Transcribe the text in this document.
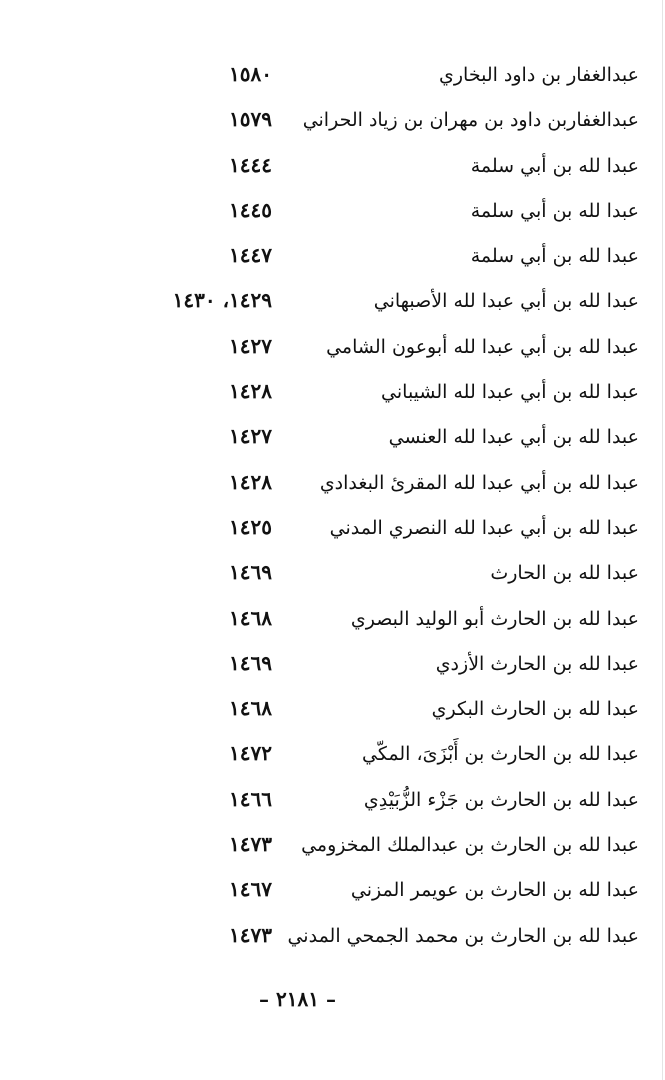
عبدالغفار بن داود البخاري
١٥٨٠
عبدالغفاربن داود بن مهران بن زياد الحراني
١٥٧٩
عبدا لله بن أبي سلمة
١٤٤٤
عبدا لله بن أبي سلمة
١٤٤٥
عبدا لله بن أبي سلمة
١٤٤٧
عبدا لله بن أبي عبدا لله الأصبهاني
١٤٢٩، ١٤٣٠
عبدا لله بن أبي عبدا لله أبوعون الشامي
١٤٢٧
عبدا لله بن أبي عبدا لله الشيباني
١٤٢٨
عبدا لله بن أبي عبدا لله العنسي
١٤٢٧
عبدا لله بن أبي عبدا لله المقرئ البغدادي
١٤٢٨
عبدا لله بن أبي عبدا لله النصري المدني
١٤٢٥
عبدا لله بن الحارث
١٤٦٩
عبدا لله بن الحارث أبو الوليد البصري
١٤٦٨
عبدا لله بن الحارث الأزدي
١٤٦٩
عبدا لله بن الحارث البكري
١٤٦٨
عبدا لله بن الحارث بن أَبْزَىَ، المكّي
١٤٧٢
عبدا لله بن الحارث بن جَزْء الزُّبَيْدِي
١٤٦٦
عبدا لله بن الحارث بن عبدالملك المخزومي
١٤٧٣
عبدا لله بن الحارث بن عويمر المزني
١٤٦٧
عبدا لله بن الحارث بن محمد الجمحي المدني
١٤٧٣
– ٢١٨١ –
